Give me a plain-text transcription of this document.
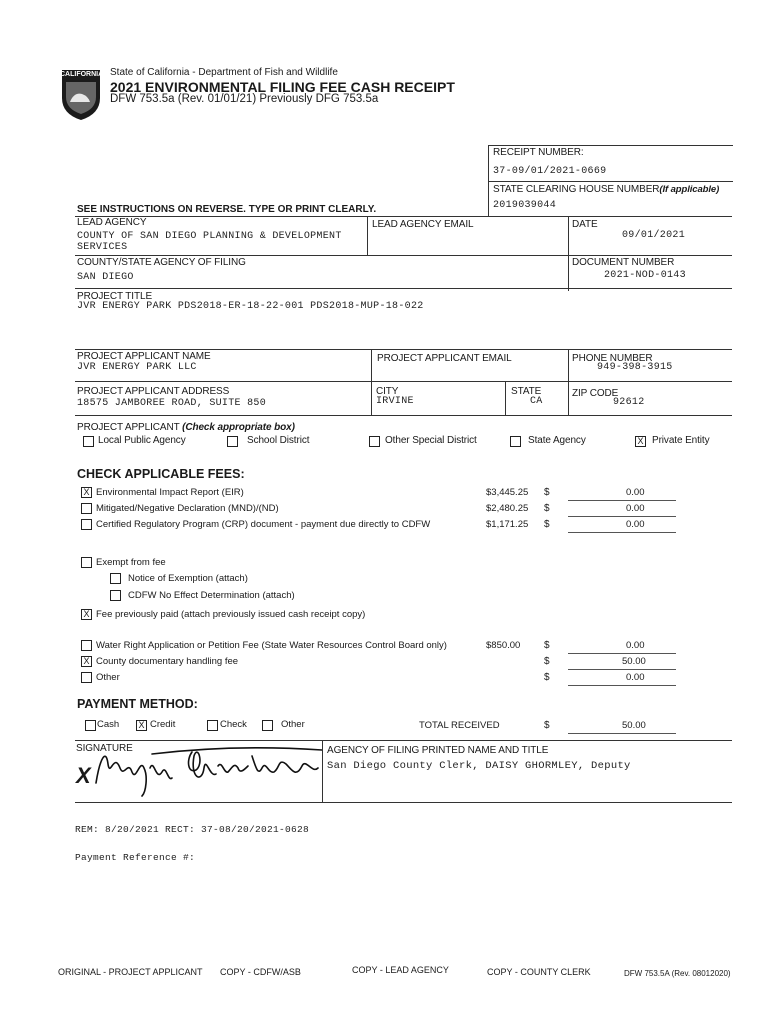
CALIFORNIA State of California - Department of Fish and Wildlife
2021 ENVIRONMENTAL FILING FEE CASH RECEIPT
DFW 753.5a (Rev. 01/01/21) Previously DFG 753.5a
RECEIPT NUMBER:
37-09/01/2021-0669
STATE CLEARING HOUSE NUMBER(If applicable)
2019039044
SEE INSTRUCTIONS ON REVERSE. TYPE OR PRINT CLEARLY.
LEAD AGENCY
COUNTY OF SAN DIEGO PLANNING & DEVELOPMENT
SERVICES
LEAD AGENCY EMAIL	DATE
09/01/2021
COUNTY/STATE AGENCY OF FILING
SAN DIEGO
DOCUMENT NUMBER
2021-NOD-0143
PROJECT TITLE
JVR ENERGY PARK PDS2018-ER-18-22-001 PDS2018-MUP-18-022
PROJECT APPLICANT NAME
JVR ENERGY PARK LLC
PROJECT APPLICANT EMAIL	PHONE NUMBER
949-398-3915
PROJECT APPLICANT ADDRESS
18575 JAMBOREE ROAD, SUITE 850
CITY
IRVINE
STATE
CA
ZIP CODE
92612
PROJECT APPLICANT (Check appropriate box)
Local Public Agency	School District	Other Special District	State Agency	X Private Entity
CHECK APPLICABLE FEES:
X Environmental Impact Report (EIR)	$3,445.25 $	0.00
Mitigated/Negative Declaration (MND)/(ND)	$2,480.25 $	0.00
Certified Regulatory Program (CRP) document - payment due directly to CDFW	$1,171.25 $	0.00
Exempt from fee
Notice of Exemption (attach)
CDFW No Effect Determination (attach)
X Fee previously paid (attach previously issued cash receipt copy)
Water Right Application or Petition Fee (State Water Resources Control Board only)	$850.00 $	0.00
X County documentary handling fee	$	50.00
Other	$	0.00
PAYMENT METHOD:
Cash X Credit	Check	Other	TOTAL RECEIVED	$	50.00
SIGNATURE
X
AGENCY OF FILING PRINTED NAME AND TITLE
San Diego County Clerk, DAISY GHORMLEY, Deputy
REM: 8/20/2021 RECT: 37-08/20/2021-0628
Payment Reference #:
ORIGINAL - PROJECT APPLICANT COPY - CDFW/ASB	COPY - LEAD AGENCY	COPY - COUNTY CLERK	DFW 753.5A (Rev. 08012020)
